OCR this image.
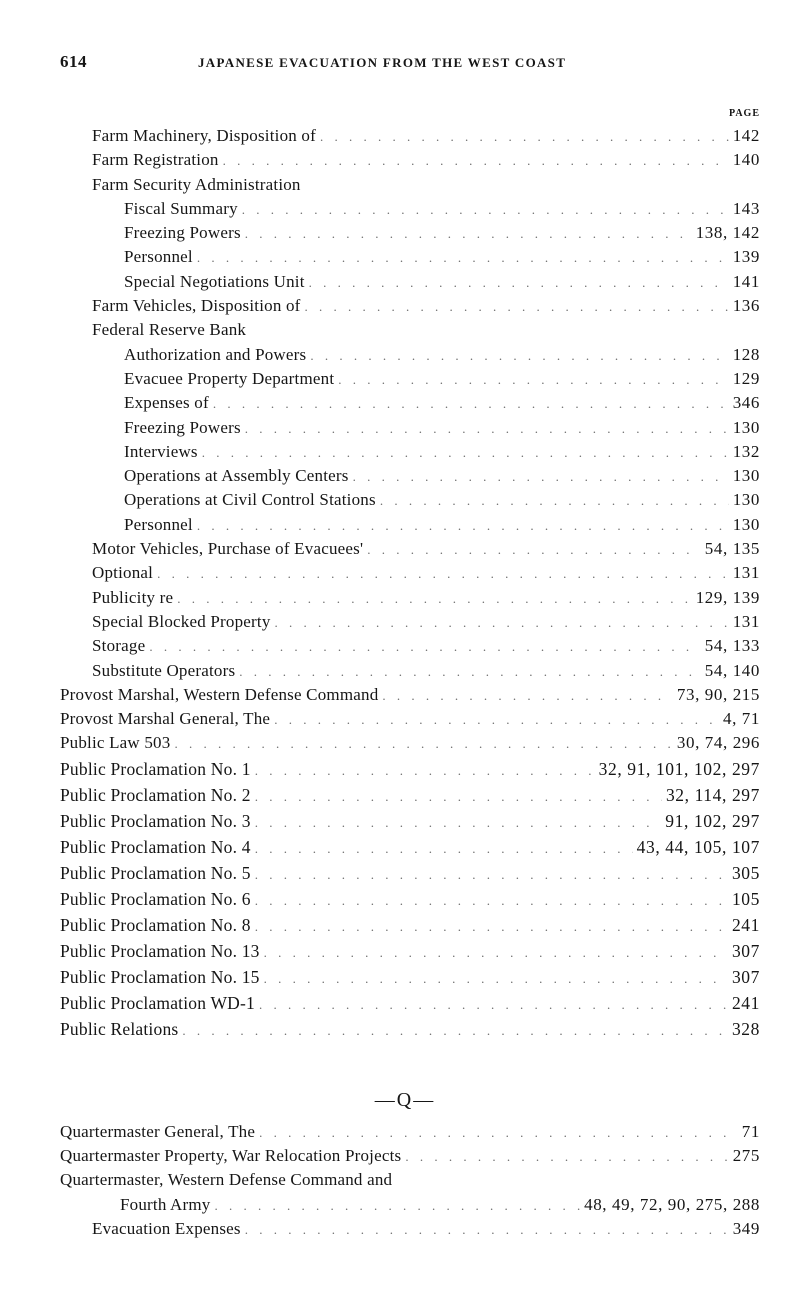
614	JAPANESE EVACUATION FROM THE WEST COAST
PAGE
Farm Machinery, Disposition of . . .	142
Farm Registration . . .	140
Farm Security Administration
Fiscal Summary . . .	143
Freezing Powers . . .	138, 142
Personnel . . .	139
Special Negotiations Unit . . .	141
Farm Vehicles, Disposition of . . .	136
Federal Reserve Bank
Authorization and Powers . . .	128
Evacuee Property Department . . .	129
Expenses of . . .	346
Freezing Powers . . .	130
Interviews . . .	132
Operations at Assembly Centers . . .	130
Operations at Civil Control Stations . . .	130
Personnel . . .	130
Motor Vehicles, Purchase of Evacuees' . . .	54, 135
Optional . . .	131
Publicity re . . .	129, 139
Special Blocked Property . . .	131
Storage . . .	54, 133
Substitute Operators . . .	54, 140
Provost Marshal, Western Defense Command . . .	73, 90, 215
Provost Marshal General, The . . .	4, 71
Public Law 503 . . .	30, 74, 296
Public Proclamation No. 1 . . .	32, 91, 101, 102, 297
Public Proclamation No. 2 . . .	32, 114, 297
Public Proclamation No. 3 . . .	91, 102, 297
Public Proclamation No. 4 . . .	43, 44, 105, 107
Public Proclamation No. 5 . . .	305
Public Proclamation No. 6 . . .	105
Public Proclamation No. 8 . . .	241
Public Proclamation No. 13 . . .	307
Public Proclamation No. 15 . . .	307
Public Proclamation WD-1 . . .	241
Public Relations . . .	328
—Q—
Quartermaster General, The . . .	71
Quartermaster Property, War Relocation Projects . . .	275
Quartermaster, Western Defense Command and
Fourth Army . . .	48, 49, 72, 90, 275, 288
Evacuation Expenses . . .	349
